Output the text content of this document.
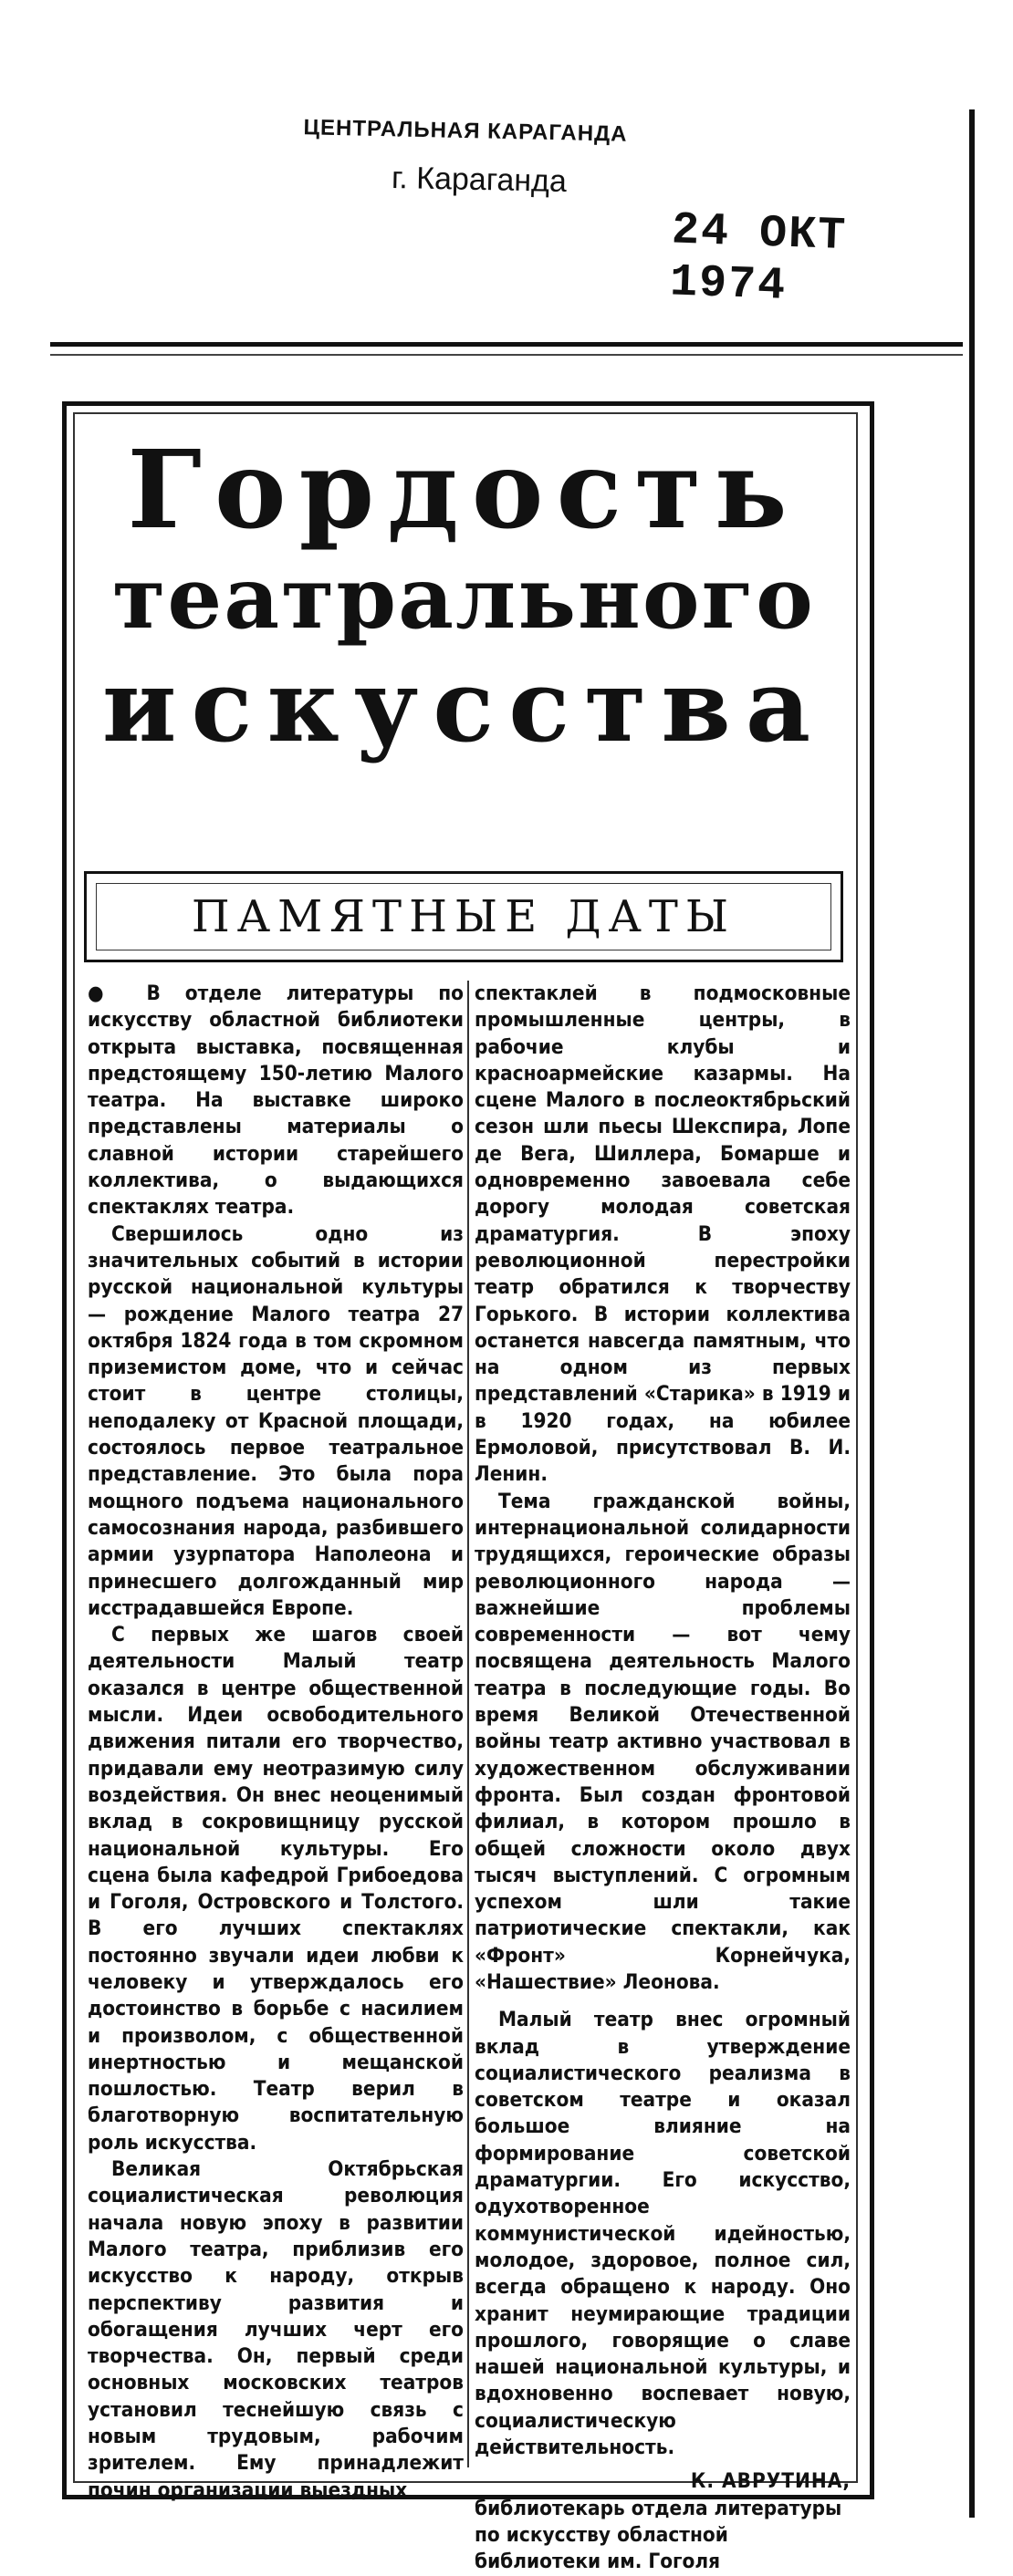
ЦЕНТРАЛЬНАЯ КАРАГАНДА
г. Караганда
24 ОКТ 1974
Гордость
театрального
искусства
ПАМЯТНЫЕ ДАТЫ

● В отделе литературы по искусству областной библиотеки открыта выставка, посвященная предстоящему 150-летию Малого театра. На выставке широко представлены материалы о славной истории старейшего коллектива, о выдающихся спектаклях театра.

Свершилось одно из значительных событий в истории русской национальной культуры — рождение Малого театра 27 октября 1824 года в том скромном приземистом доме, что и сейчас стоит в центре столицы, неподалеку от Красной площади, состоялось первое театральное представление. Это была пора мощного подъема национального самосознания народа, разбившего армии узурпатора Наполеона и принесшего долгожданный мир исстрадавшейся Европе.

С первых же шагов своей деятельности Малый театр оказался в центре общественной мысли. Идеи освободительного движения питали его творчество, придавали ему неотразимую силу воздействия. Он внес неоценимый вклад в сокровищницу русской национальной культуры. Его сцена была кафедрой Грибоедова и Гоголя, Островского и Толстого. В его лучших спектаклях постоянно звучали идеи любви к человеку и утверждалось его достоинство в борьбе с насилием и произволом, с общественной инертностью и мещанской пошлостью. Театр верил в благотворную воспитательную роль искусства.

Великая Октябрьская социалистическая революция начала новую эпоху в развитии Малого театра, приблизив его искусство к народу, открыв перспективу развития и обогащения лучших черт его творчества. Он, первый среди основных московских театров установил теснейшую связь с новым трудовым, рабочим зрителем. Ему принадлежит почин организации выездных

спектаклей в подмосковные промышленные центры, в рабочие клубы и красноармейские казармы. На сцене Малого в послеоктябрьский сезон шли пьесы Шекспира, Лопе де Вега, Шиллера, Бомарше и одновременно завоевала себе дорогу молодая советская драматургия. В эпоху революционной перестройки театр обратился к творчеству Горького. В истории коллектива останется навсегда памятным, что на одном из первых представлений «Старика» в 1919 и в 1920 годах, на юбилее Ермоловой, присутствовал В. И. Ленин.

Тема гражданской войны, интернациональной солидарности трудящихся, героические образы революционного народа — важнейшие проблемы современности — вот чему посвящена деятельность Малого театра в последующие годы. Во время Великой Отечественной войны театр активно участвовал в художественном обслуживании фронта. Был создан фронтовой филиал, в котором прошло в общей сложности около двух тысяч выступлений. С огромным успехом шли такие патриотические спектакли, как «Фронт» Корнейчука, «Нашествие» Леонова.

Малый театр внес огромный вклад в утверждение социалистического реализма в советском театре и оказал большое влияние на формирование советской драматургии. Его искусство, одухотворенное коммунистической идейностью, молодое, здоровое, полное сил, всегда обращено к народу. Оно хранит неумирающие традиции прошлого, говорящие о славе нашей национальной культуры, и вдохновенно воспевает новую, социалистическую действительность.

К. АВРУТИНА,

библиотекарь отдела литературы по искусству областной библиотеки им. Гоголя
